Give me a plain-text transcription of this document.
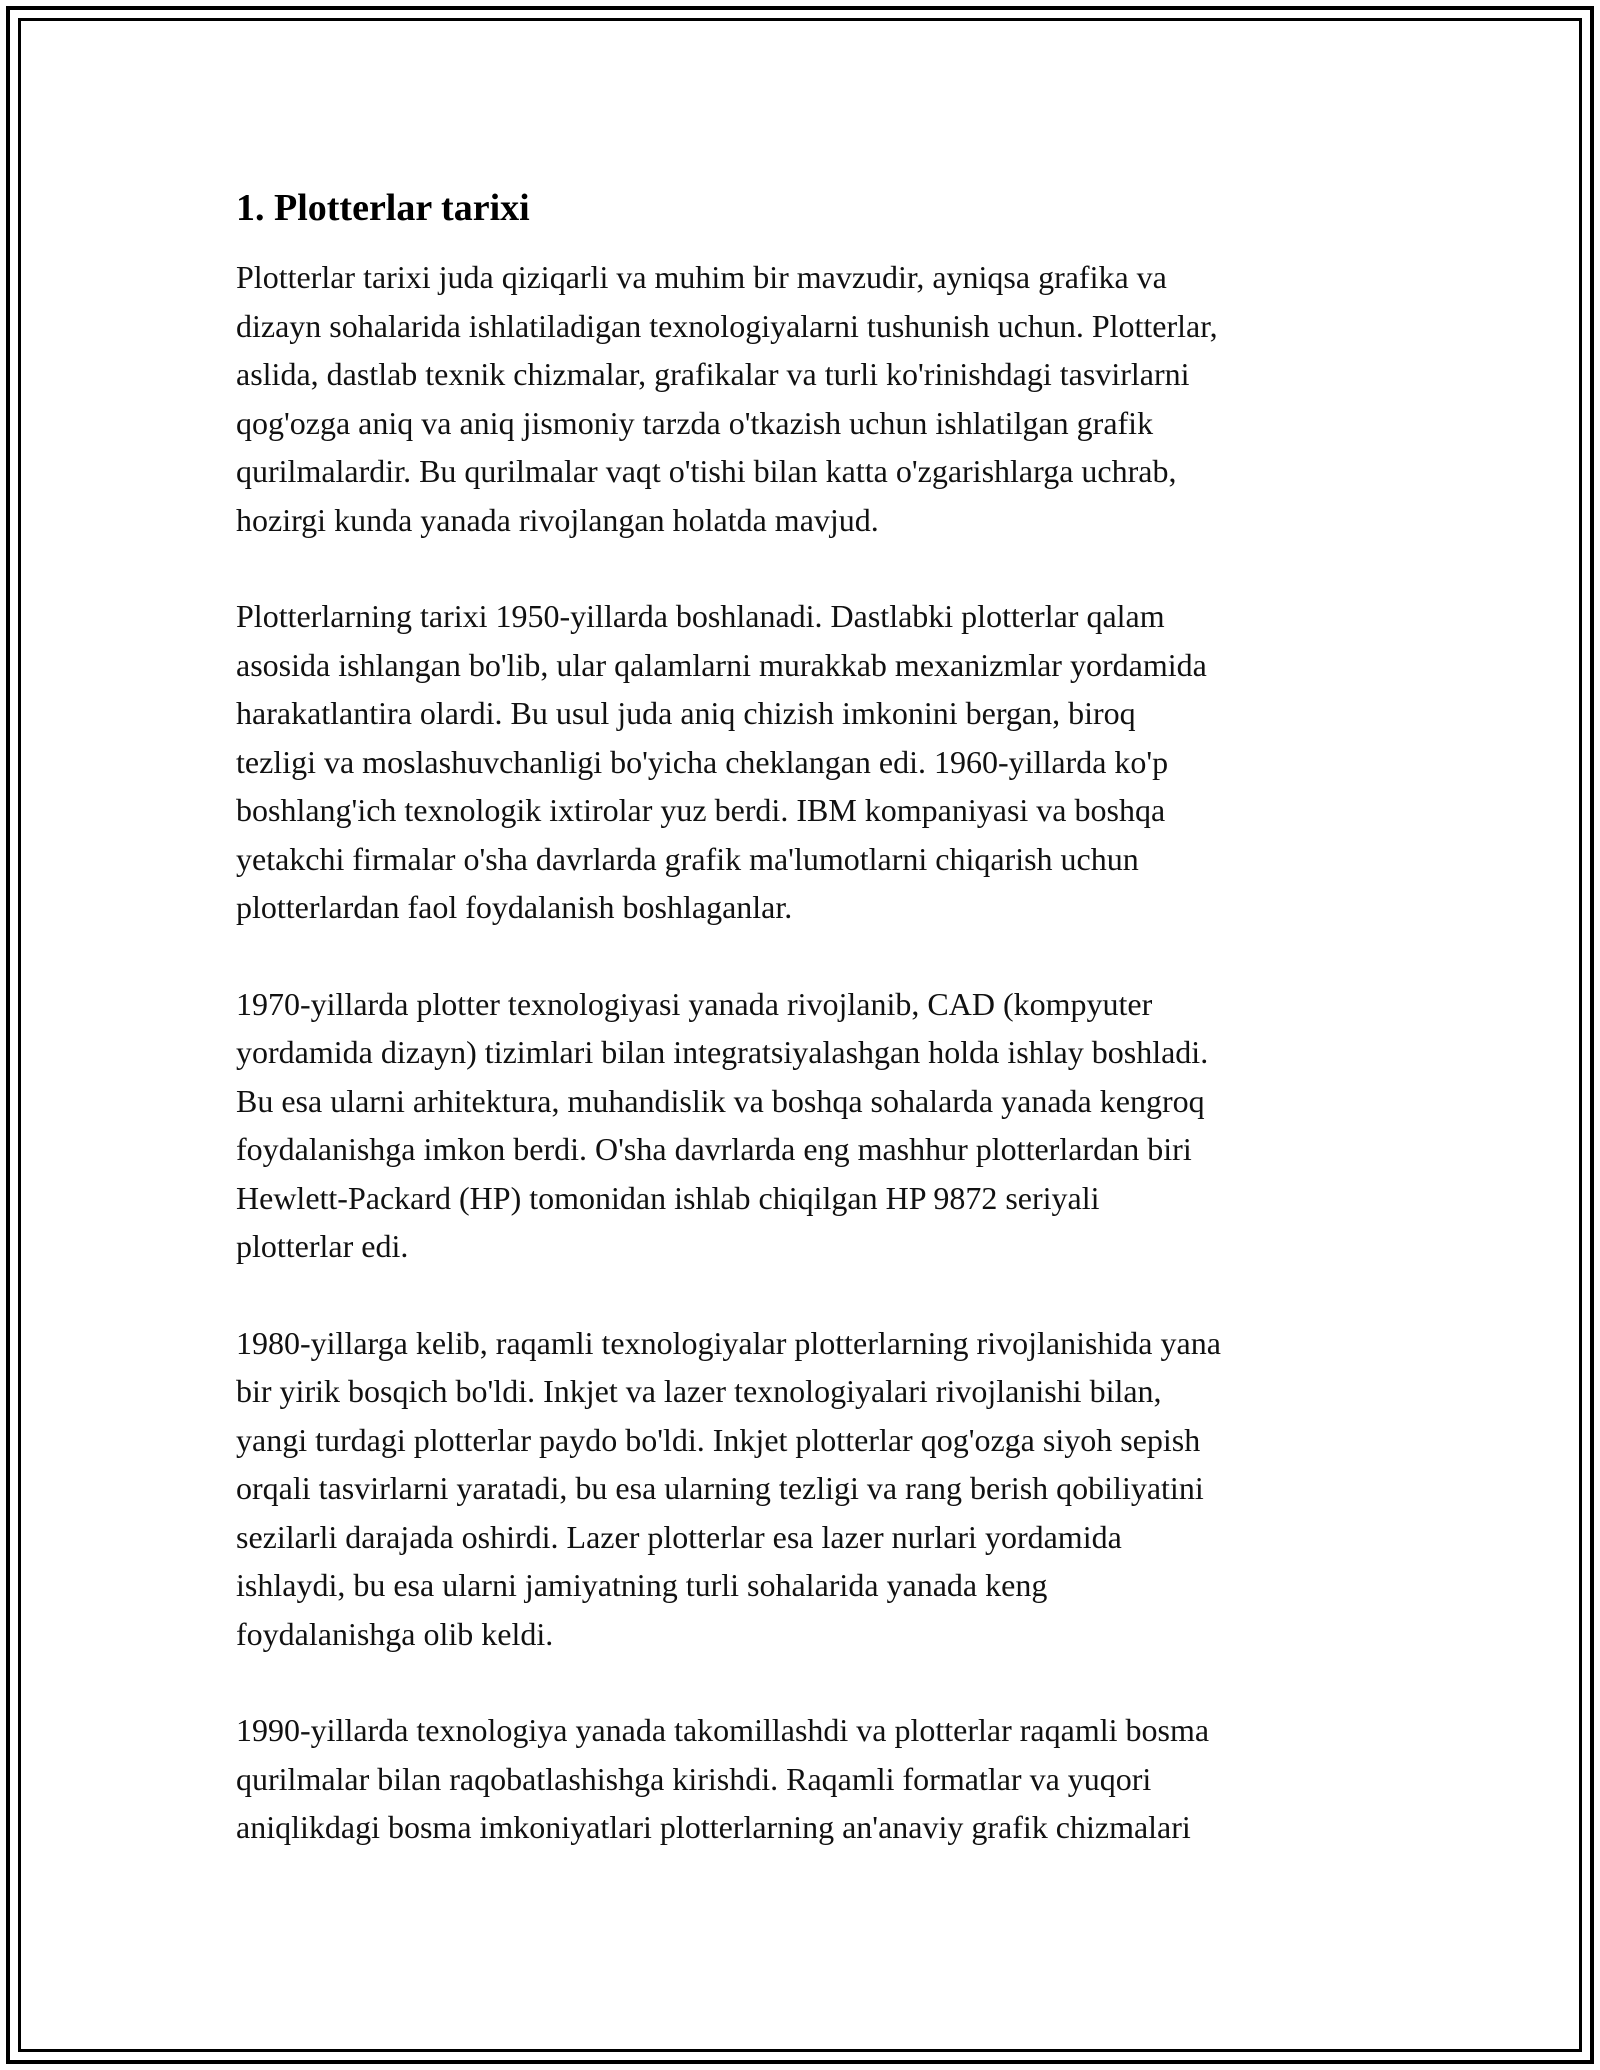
1. Plotterlar tarixi

Plotterlar tarixi juda qiziqarli va muhim bir mavzudir, ayniqsa grafika va
dizayn sohalarida ishlatiladigan texnologiyalarni tushunish uchun. Plotterlar,
aslida, dastlab texnik chizmalar, grafikalar va turli ko'rinishdagi tasvirlarni
qog'ozga aniq va aniq jismoniy tarzda o'tkazish uchun ishlatilgan grafik
qurilmalardir. Bu qurilmalar vaqt o'tishi bilan katta o'zgarishlarga uchrab,
hozirgi kunda yanada rivojlangan holatda mavjud.

Plotterlarning tarixi 1950-yillarda boshlanadi. Dastlabki plotterlar qalam
asosida ishlangan bo'lib, ular qalamlarni murakkab mexanizmlar yordamida
harakatlantira olardi. Bu usul juda aniq chizish imkonini bergan, biroq
tezligi va moslashuvchanligi bo'yicha cheklangan edi. 1960-yillarda ko'p
boshlang'ich texnologik ixtirolar yuz berdi. IBM kompaniyasi va boshqa
yetakchi firmalar o'sha davrlarda grafik ma'lumotlarni chiqarish uchun
plotterlardan faol foydalanish boshlaganlar.

1970-yillarda plotter texnologiyasi yanada rivojlanib, CAD (kompyuter
yordamida dizayn) tizimlari bilan integratsiyalashgan holda ishlay boshladi.
Bu esa ularni arhitektura, muhandislik va boshqa sohalarda yanada kengroq
foydalanishga imkon berdi. O'sha davrlarda eng mashhur plotterlardan biri
Hewlett-Packard (HP) tomonidan ishlab chiqilgan HP 9872 seriyali
plotterlar edi.

1980-yillarga kelib, raqamli texnologiyalar plotterlarning rivojlanishida yana
bir yirik bosqich bo'ldi. Inkjet va lazer texnologiyalari rivojlanishi bilan,
yangi turdagi plotterlar paydo bo'ldi. Inkjet plotterlar qog'ozga siyoh sepish
orqali tasvirlarni yaratadi, bu esa ularning tezligi va rang berish qobiliyatini
sezilarli darajada oshirdi. Lazer plotterlar esa lazer nurlari yordamida
ishlaydi, bu esa ularni jamiyatning turli sohalarida yanada keng
foydalanishga olib keldi.

1990-yillarda texnologiya yanada takomillashdi va plotterlar raqamli bosma
qurilmalar bilan raqobatlashishga kirishdi. Raqamli formatlar va yuqori
aniqlikdagi bosma imkoniyatlari plotterlarning an'anaviy grafik chizmalari
